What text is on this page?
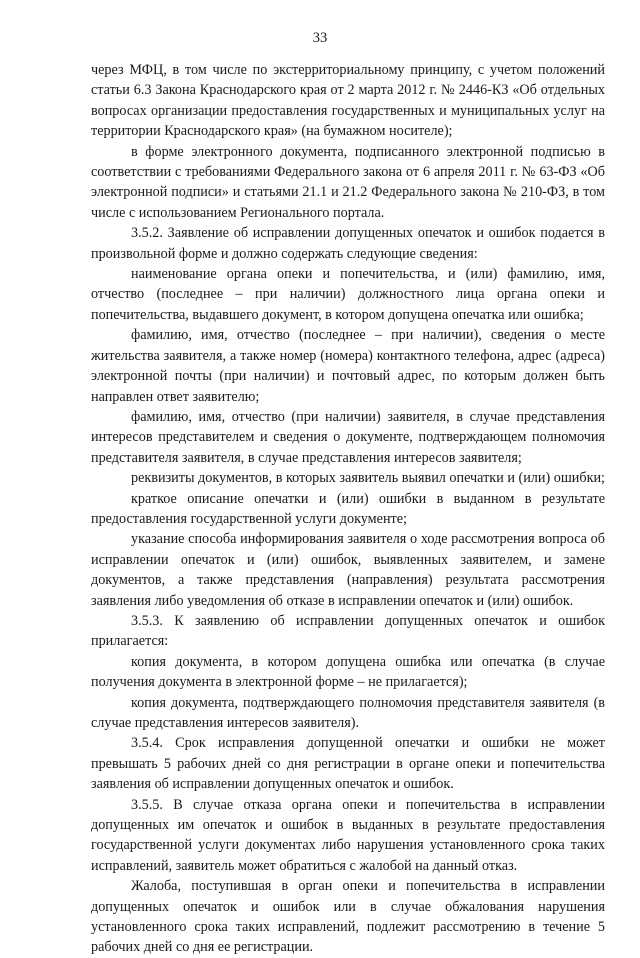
33

через МФЦ, в том числе по экстерриториальному принципу, с учетом положений статьи 6.3 Закона Краснодарского края от 2 марта 2012 г. № 2446-КЗ «Об отдельных вопросах организации предоставления государственных и муниципальных услуг на территории Краснодарского края» (на бумажном носителе);

в форме электронного документа, подписанного электронной подписью в соответствии с требованиями Федерального закона от 6 апреля 2011 г. № 63-ФЗ «Об электронной подписи» и статьями 21.1 и 21.2 Федерального закона № 210-ФЗ, в том числе с использованием Регионального портала.

3.5.2. Заявление об исправлении допущенных опечаток и ошибок подается в произвольной форме и должно содержать следующие сведения:

наименование органа опеки и попечительства, и (или) фамилию, имя, отчество (последнее – при наличии) должностного лица органа опеки и попечительства, выдавшего документ, в котором допущена опечатка или ошибка;

фамилию, имя, отчество (последнее – при наличии), сведения о месте жительства заявителя, а также номер (номера) контактного телефона, адрес (адреса) электронной почты (при наличии) и почтовый адрес, по которым должен быть направлен ответ заявителю;

фамилию, имя, отчество (при наличии) заявителя, в случае представления интересов представителем и сведения о документе, подтверждающем полномочия представителя заявителя, в случае представления интересов заявителя;

реквизиты документов, в которых заявитель выявил опечатки и (или) ошибки;

краткое описание опечатки и (или) ошибки в выданном в результате предоставления государственной услуги документе;

указание способа информирования заявителя о ходе рассмотрения вопроса об исправлении опечаток и (или) ошибок, выявленных заявителем, и замене документов, а также представления (направления) результата рассмотрения заявления либо уведомления об отказе в исправлении опечаток и (или) ошибок.

3.5.3. К заявлению об исправлении допущенных опечаток и ошибок прилагается:

копия документа, в котором допущена ошибка или опечатка (в случае получения документа в электронной форме – не прилагается);

копия документа, подтверждающего полномочия представителя заявителя (в случае представления интересов заявителя).

3.5.4. Срок исправления допущенной опечатки и ошибки не может превышать 5 рабочих дней со дня регистрации в органе опеки и попечительства заявления об исправлении допущенных опечаток и ошибок.

3.5.5. В случае отказа органа опеки и попечительства в исправлении допущенных им опечаток и ошибок в выданных в результате предоставления государственной услуги документах либо нарушения установленного срока таких исправлений, заявитель может обратиться с жалобой на данный отказ.

Жалоба, поступившая в орган опеки и попечительства в исправлении допущенных опечаток и ошибок или в случае обжалования нарушения установленного срока таких исправлений, подлежит рассмотрению в течение 5 рабочих дней со дня ее регистрации.
